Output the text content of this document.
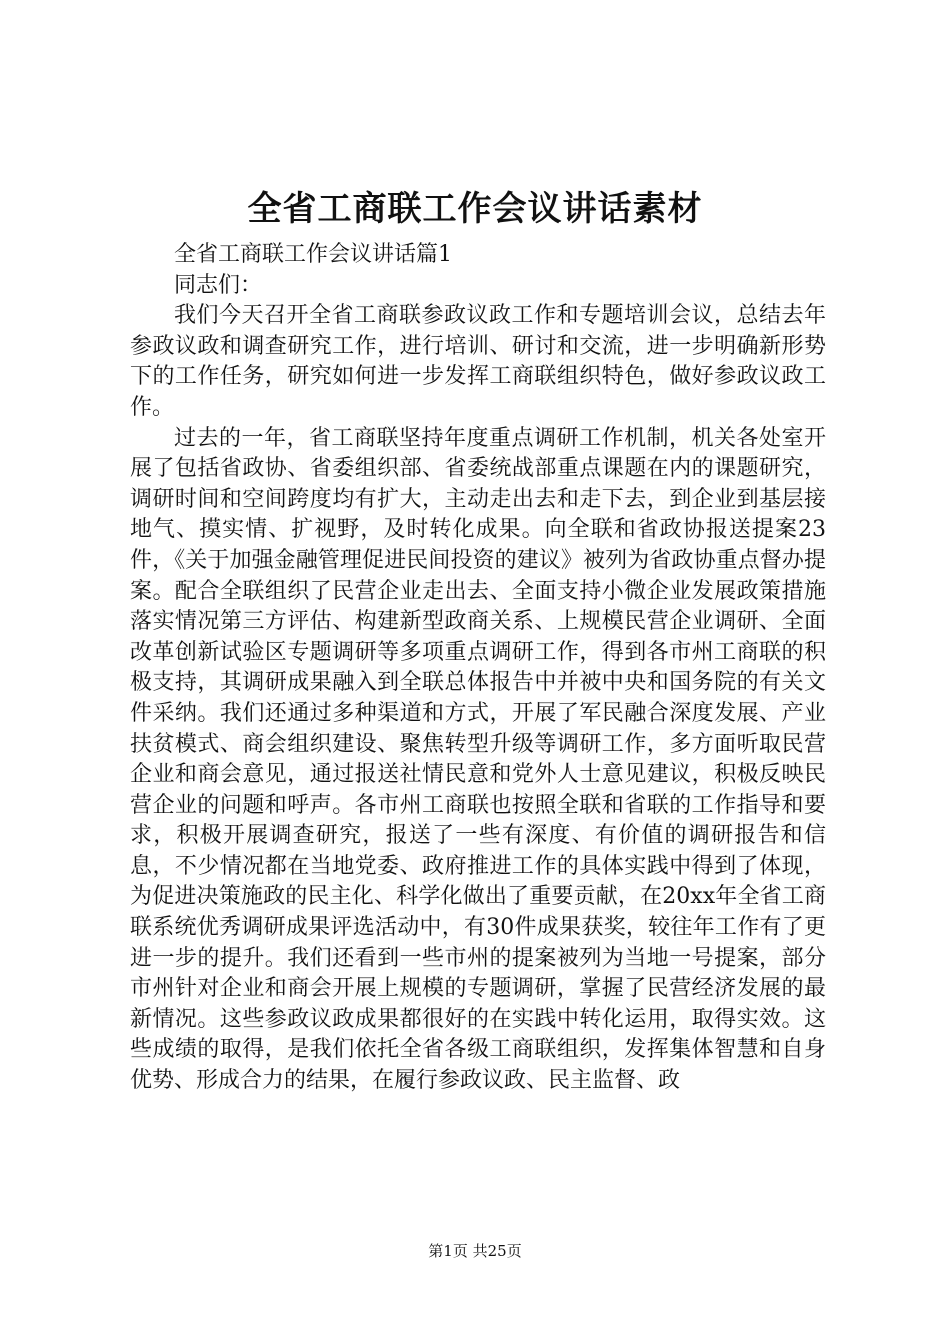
全省工商联工作会议讲话素材

全省工商联工作会议讲话篇1

同志们：

我们今天召开全省工商联参政议政工作和专题培训会议，总结去年参政议政和调查研究工作，进行培训、研讨和交流，进一步明确新形势下的工作任务，研究如何进一步发挥工商联组织特色，做好参政议政工作。

过去的一年，省工商联坚持年度重点调研工作机制，机关各处室开展了包括省政协、省委组织部、省委统战部重点课题在内的课题研究，调研时间和空间跨度均有扩大，主动走出去和走下去，到企业到基层接地气、摸实情、扩视野，及时转化成果。向全联和省政协报送提案23件，《关于加强金融管理促进民间投资的建议》被列为省政协重点督办提案。配合全联组织了民营企业走出去、全面支持小微企业发展政策措施落实情况第三方评估、构建新型政商关系、上规模民营企业调研、全面改革创新试验区专题调研等多项重点调研工作，得到各市州工商联的积极支持，其调研成果融入到全联总体报告中并被中央和国务院的有关文件采纳。我们还通过多种渠道和方式，开展了军民融合深度发展、产业扶贫模式、商会组织建设、聚焦转型升级等调研工作，多方面听取民营企业和商会意见，通过报送社情民意和党外人士意见建议，积极反映民营企业的问题和呼声。各市州工商联也按照全联和省联的工作指导和要求，积极开展调查研究，报送了一些有深度、有价值的调研报告和信息，不少情况都在当地党委、政府推进工作的具体实践中得到了体现，为促进决策施政的民主化、科学化做出了重要贡献，在20xx年全省工商联系统优秀调研成果评选活动中，有30件成果获奖，较往年工作有了更进一步的提升。我们还看到一些市州的提案被列为当地一号提案，部分市州针对企业和商会开展上规模的专题调研，掌握了民营经济发展的最新情况。这些参政议政成果都很好的在实践中转化运用，取得实效。这些成绩的取得，是我们依托全省各级工商联组织，发挥集体智慧和自身优势、形成合力的结果，在履行参政议政、民主监督、政

第1页 共25页
